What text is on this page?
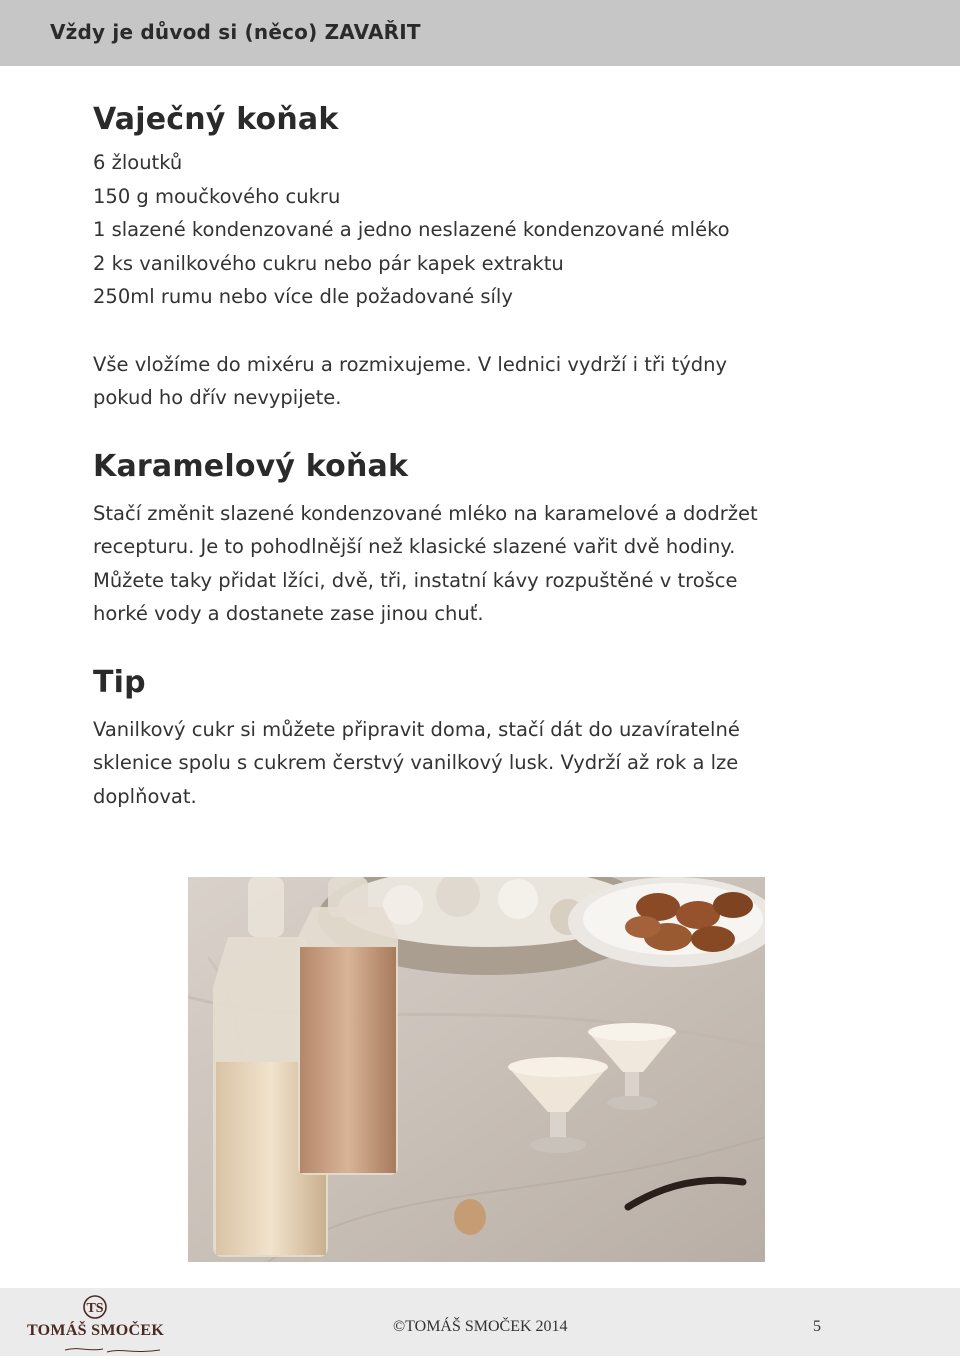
Vždy je důvod si (něco) ZAVAŘIT
Vaječný koňak
6 žloutků
150 g moučkového cukru
1 slazené kondenzované a jedno neslazené kondenzované mléko
2 ks vanilkového cukru nebo pár kapek extraktu
250ml rumu nebo více dle požadované síly
Vše vložíme do mixéru a rozmixujeme. V lednici vydrží i tři týdny pokud ho dřív nevypijete.
Karamelový koňak
Stačí změnit slazené kondenzované mléko na karamelové a dodržet recepturu. Je to pohodlnější než klasické slazené vařit dvě hodiny. Můžete taky přidat lžíci, dvě, tři, instatní kávy rozpuštěné v trošce horké vody a dostanete zase jinou chuť.
Tip
Vanilkový cukr si můžete připravit doma, stačí dát do uzavíratelné sklenice spolu s cukrem čerstvý vanilkový lusk. Vydrží až rok a lze doplňovat.
TS
TOMÁŠ SMOČEK	©TOMÁŠ SMOČEK 2014	5
